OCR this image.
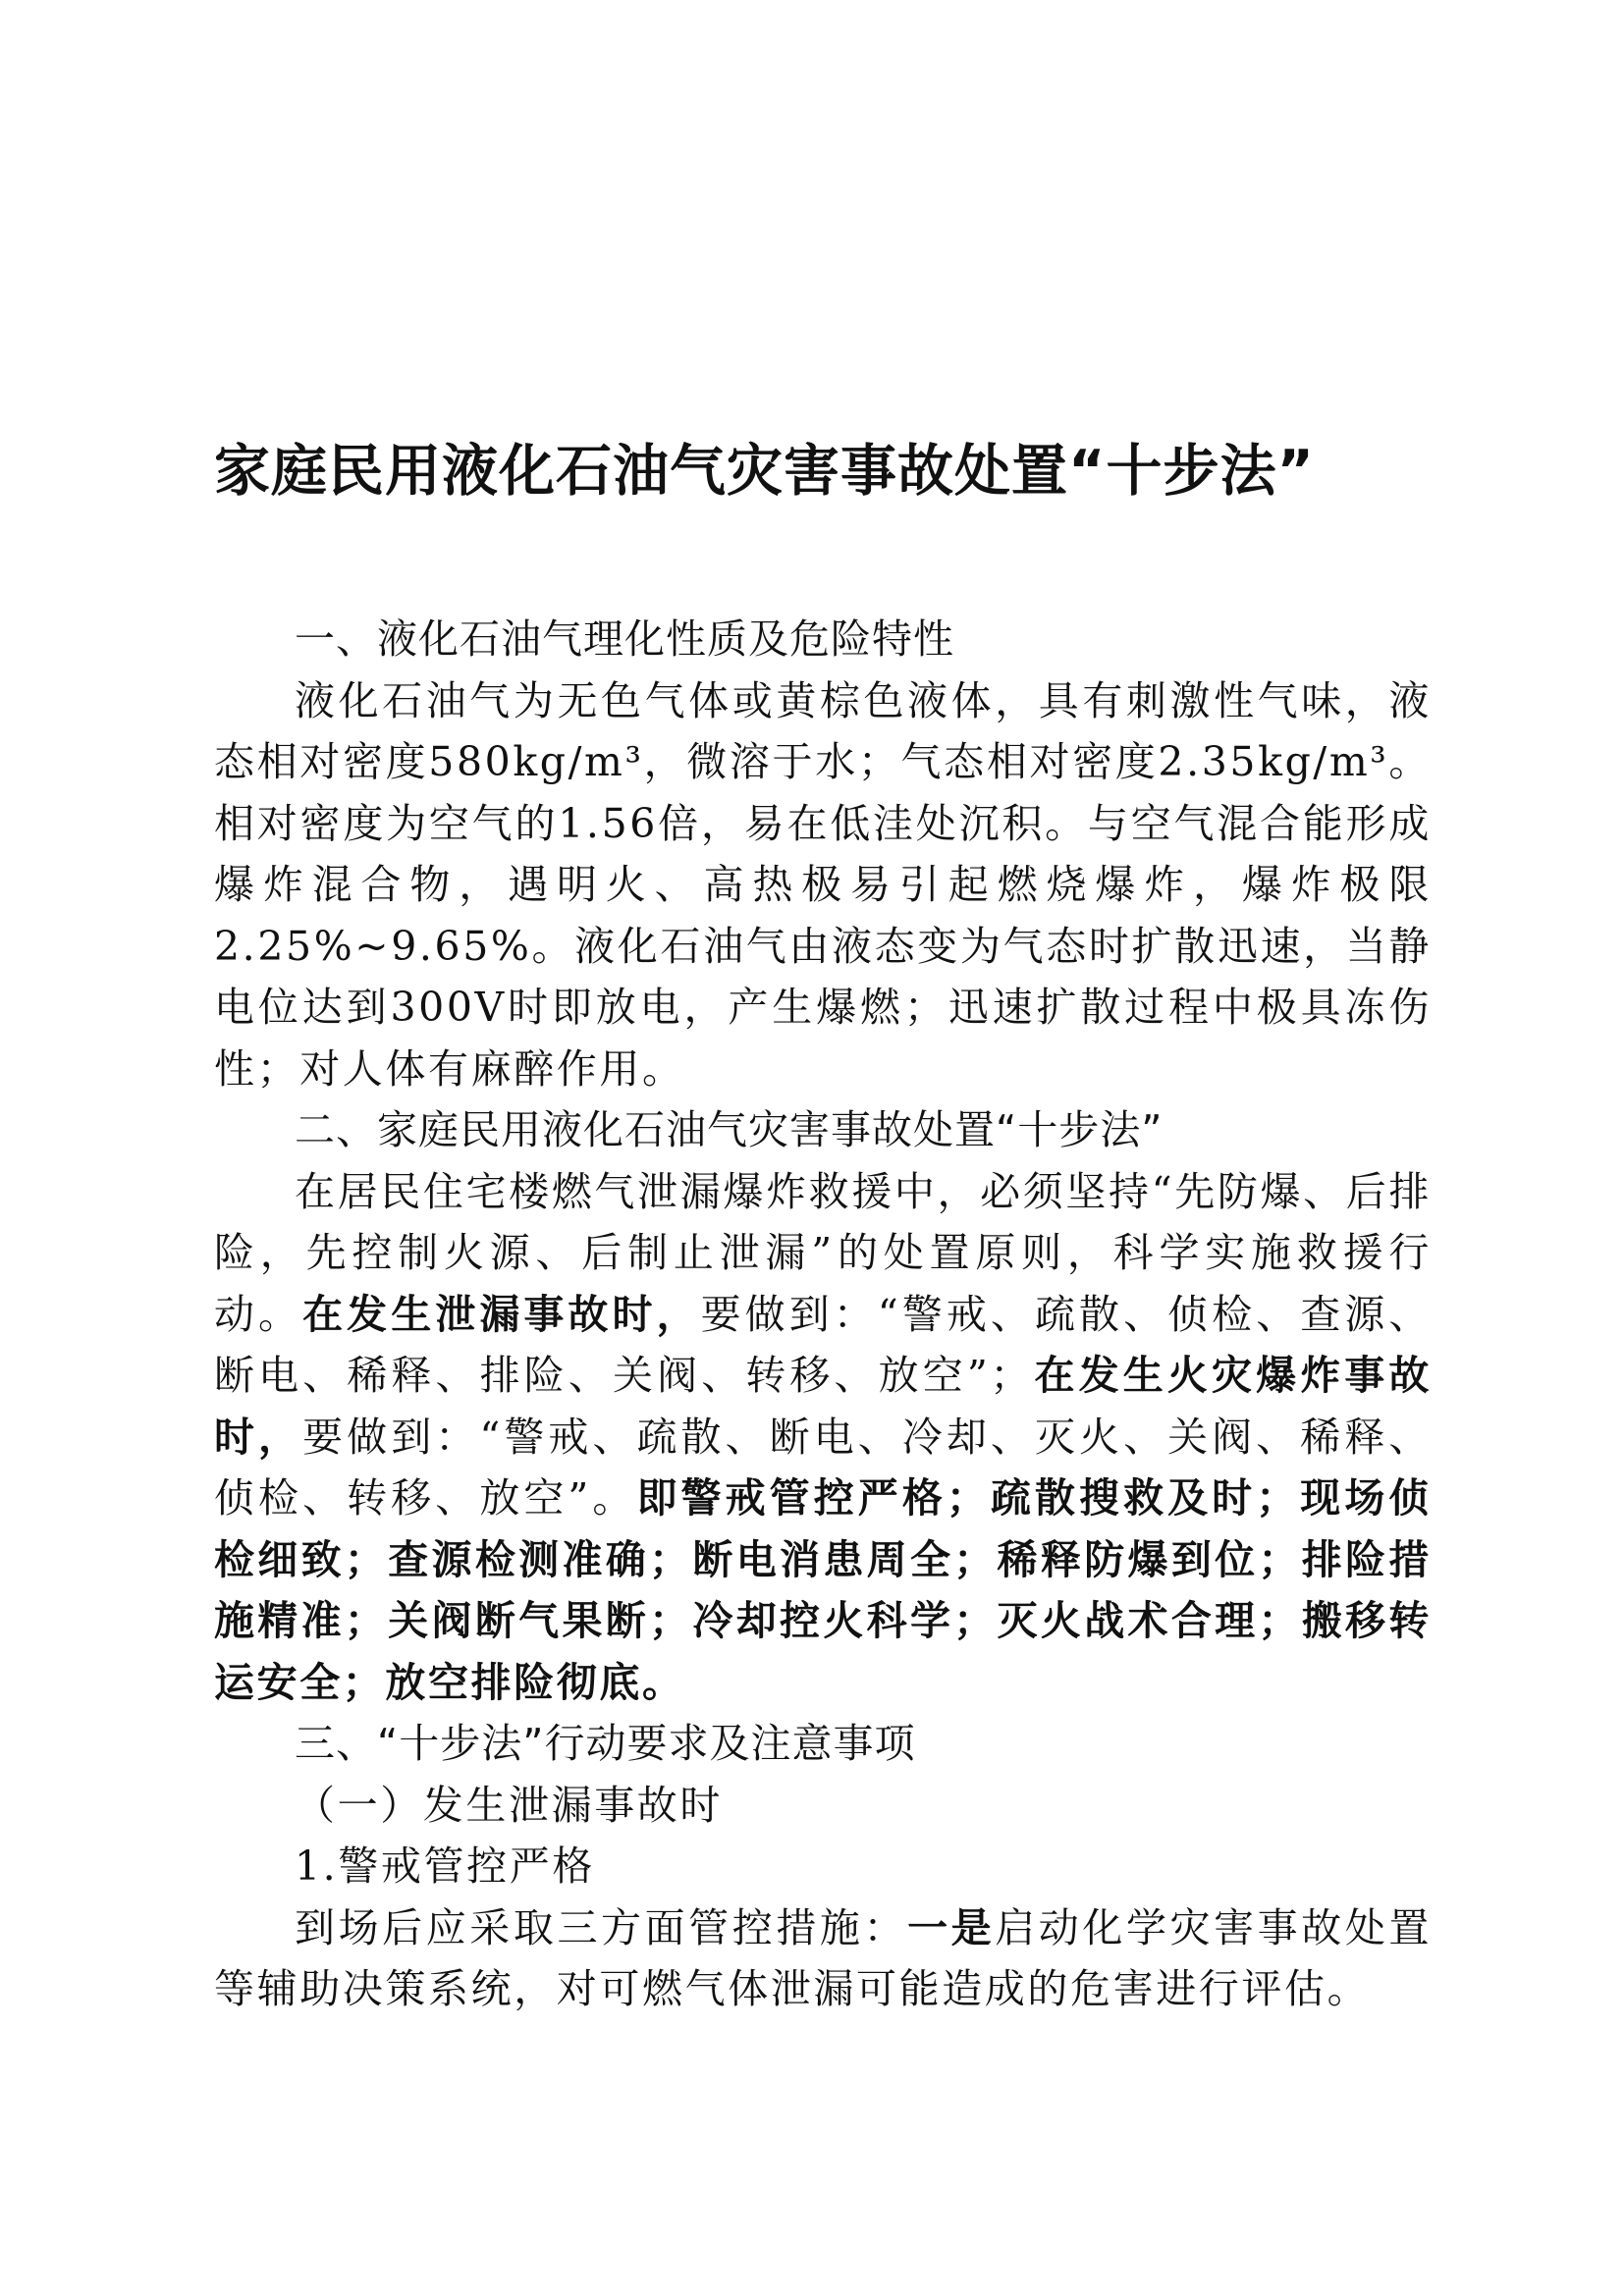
家庭民用液化石油气灾害事故处置“十步法”

一、液化石油气理化性质及危险特性

液化石油气为无色气体或黄棕色液体，具有刺激性气味，液态相对密度580kg/m³，微溶于水；气态相对密度2.35kg/m³。相对密度为空气的1.56倍，易在低洼处沉积。与空气混合能形成爆炸混合物，遇明火、高热极易引起燃烧爆炸，爆炸极限2.25%~9.65%。液化石油气由液态变为气态时扩散迅速，当静电位达到300V时即放电，产生爆燃；迅速扩散过程中极具冻伤性；对人体有麻醉作用。

二、家庭民用液化石油气灾害事故处置“十步法”

在居民住宅楼燃气泄漏爆炸救援中，必须坚持“先防爆、后排险，先控制火源、后制止泄漏”的处置原则，科学实施救援行动。在发生泄漏事故时，要做到：“警戒、疏散、侦检、查源、断电、稀释、排险、关阀、转移、放空”；在发生火灾爆炸事故时，要做到：“警戒、疏散、断电、冷却、灭火、关阀、稀释、侦检、转移、放空”。即警戒管控严格；疏散搜救及时；现场侦检细致；查源检测准确；断电消患周全；稀释防爆到位；排险措施精准；关阀断气果断；冷却控火科学；灭火战术合理；搬移转运安全；放空排险彻底。

三、“十步法”行动要求及注意事项

（一）发生泄漏事故时

1.警戒管控严格

到场后应采取三方面管控措施：一是启动化学灾害事故处置等辅助决策系统，对可燃气体泄漏可能造成的危害进行评估。
